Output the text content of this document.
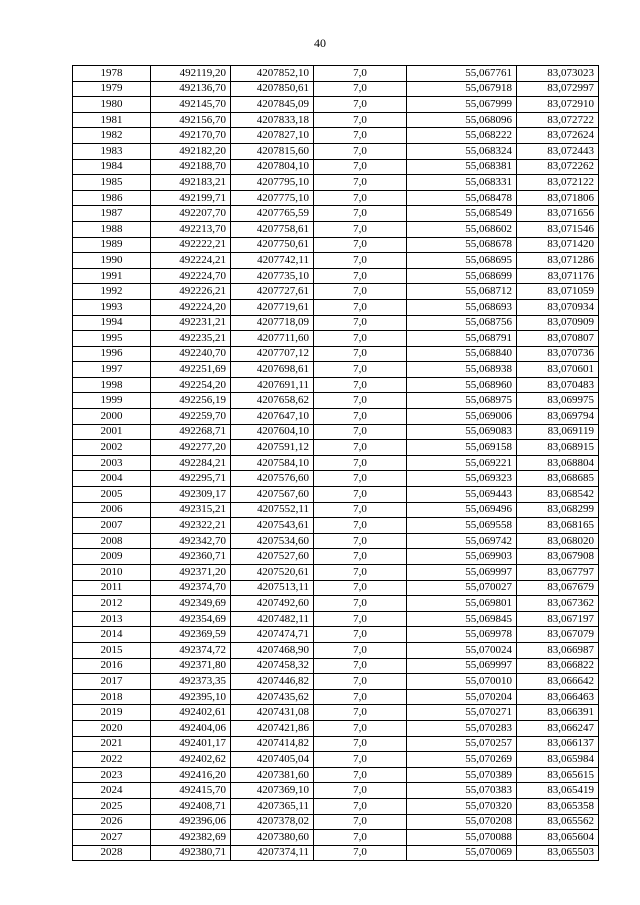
40
1978	492119,20	4207852,10	7,0	55,067761	83,073023
1979	492136,70	4207850,61	7,0	55,067918	83,072997
1980	492145,70	4207845,09	7,0	55,067999	83,072910
1981	492156,70	4207833,18	7,0	55,068096	83,072722
1982	492170,70	4207827,10	7,0	55,068222	83,072624
1983	492182,20	4207815,60	7,0	55,068324	83,072443
1984	492188,70	4207804,10	7,0	55,068381	83,072262
1985	492183,21	4207795,10	7,0	55,068331	83,072122
1986	492199,71	4207775,10	7,0	55,068478	83,071806
1987	492207,70	4207765,59	7,0	55,068549	83,071656
1988	492213,70	4207758,61	7,0	55,068602	83,071546
1989	492222,21	4207750,61	7,0	55,068678	83,071420
1990	492224,21	4207742,11	7,0	55,068695	83,071286
1991	492224,70	4207735,10	7,0	55,068699	83,071176
1992	492226,21	4207727,61	7,0	55,068712	83,071059
1993	492224,20	4207719,61	7,0	55,068693	83,070934
1994	492231,21	4207718,09	7,0	55,068756	83,070909
1995	492235,21	4207711,60	7,0	55,068791	83,070807
1996	492240,70	4207707,12	7,0	55,068840	83,070736
1997	492251,69	4207698,61	7,0	55,068938	83,070601
1998	492254,20	4207691,11	7,0	55,068960	83,070483
1999	492256,19	4207658,62	7,0	55,068975	83,069975
2000	492259,70	4207647,10	7,0	55,069006	83,069794
2001	492268,71	4207604,10	7,0	55,069083	83,069119
2002	492277,20	4207591,12	7,0	55,069158	83,068915
2003	492284,21	4207584,10	7,0	55,069221	83,068804
2004	492295,71	4207576,60	7,0	55,069323	83,068685
2005	492309,17	4207567,60	7,0	55,069443	83,068542
2006	492315,21	4207552,11	7,0	55,069496	83,068299
2007	492322,21	4207543,61	7,0	55,069558	83,068165
2008	492342,70	4207534,60	7,0	55,069742	83,068020
2009	492360,71	4207527,60	7,0	55,069903	83,067908
2010	492371,20	4207520,61	7,0	55,069997	83,067797
2011	492374,70	4207513,11	7,0	55,070027	83,067679
2012	492349,69	4207492,60	7,0	55,069801	83,067362
2013	492354,69	4207482,11	7,0	55,069845	83,067197
2014	492369,59	4207474,71	7,0	55,069978	83,067079
2015	492374,72	4207468,90	7,0	55,070024	83,066987
2016	492371,80	4207458,32	7,0	55,069997	83,066822
2017	492373,35	4207446,82	7,0	55,070010	83,066642
2018	492395,10	4207435,62	7,0	55,070204	83,066463
2019	492402,61	4207431,08	7,0	55,070271	83,066391
2020	492404,06	4207421,86	7,0	55,070283	83,066247
2021	492401,17	4207414,82	7,0	55,070257	83,066137
2022	492402,62	4207405,04	7,0	55,070269	83,065984
2023	492416,20	4207381,60	7,0	55,070389	83,065615
2024	492415,70	4207369,10	7,0	55,070383	83,065419
2025	492408,71	4207365,11	7,0	55,070320	83,065358
2026	492396,06	4207378,02	7,0	55,070208	83,065562
2027	492382,69	4207380,60	7,0	55,070088	83,065604
2028	492380,71	4207374,11	7,0	55,070069	83,065503
